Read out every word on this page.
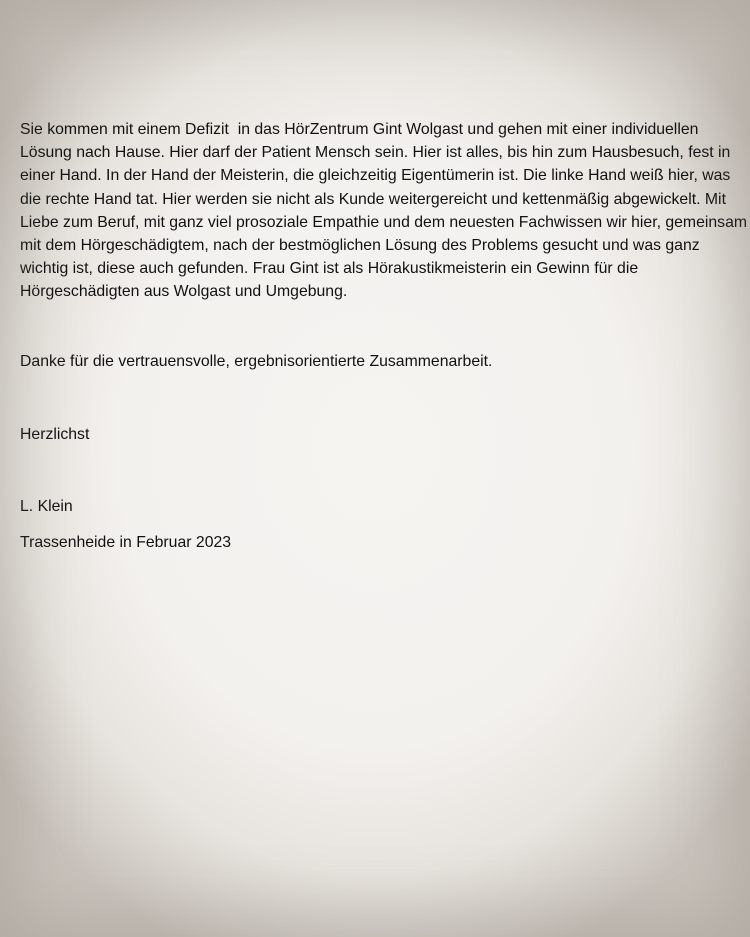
Sie kommen mit einem Defizit  in das HörZentrum Gint Wolgast und gehen mit einer individuellen
Lösung nach Hause. Hier darf der Patient Mensch sein. Hier ist alles, bis hin zum Hausbesuch, fest in
einer Hand. In der Hand der Meisterin, die gleichzeitig Eigentümerin ist. Die linke Hand weiß hier, was
die rechte Hand tat. Hier werden sie nicht als Kunde weitergereicht und kettenmäßig abgewickelt. Mit
Liebe zum Beruf, mit ganz viel prosoziale Empathie und dem neuesten Fachwissen wir hier, gemeinsam
mit dem Hörgeschädigtem, nach der bestmöglichen Lösung des Problems gesucht und was ganz
wichtig ist, diese auch gefunden. Frau Gint ist als Hörakustikmeisterin ein Gewinn für die
Hörgeschädigten aus Wolgast und Umgebung.
Danke für die vertrauensvolle, ergebnisorientierte Zusammenarbeit.
Herzlichst
L. Klein
Trassenheide in Februar 2023
